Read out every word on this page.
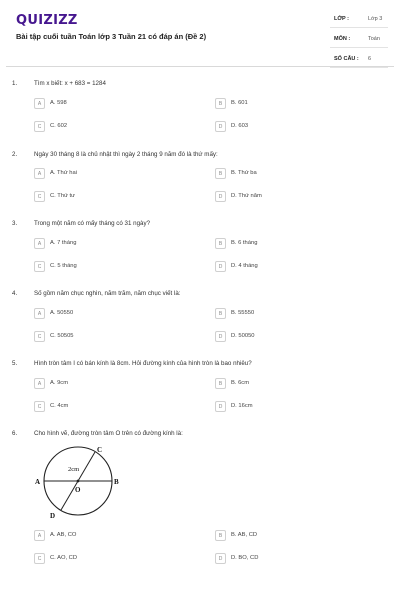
QUIZIZZ
Bài tập cuối tuần Toán lớp 3 Tuần 21 có đáp án (Đề 2)
LỚP :	Lớp 3
MÔN :	Toán
SỐ CÂU : 6
1.	Tìm x biết: x + 683 = 1284
A	A. 598	B	B. 601
C	C. 602	D	D. 603
2.	Ngày 30 tháng 8 là chủ nhật thì ngày 2 tháng 9 năm đó là thứ mấy:
A	A. Thứ hai	B	B. Thứ ba
C	C. Thứ tư	D	D. Thứ năm
3.	Trong một năm có mấy tháng có 31 ngày?
A	A. 7 tháng	B	B. 6 tháng
C	C. 5 tháng	D	D. 4 tháng
4.	Số gồm năm chục nghìn, năm trăm, năm chục viết là:
A	A. 50550	B	B. 55550
C	C. 50505	D	D. 50050
5.	Hình tròn tâm I có bán kính là 8cm. Hỏi đường kính của hình tròn là bao nhiêu?
A	A. 9cm	B	B. 6cm
C	C. 4cm	D	D. 16cm
6.	Cho hình vẽ, đường tròn tâm O trên có đường kính là:
C
A	B
O
D
2cm
A	A. AB, CO	B	B. AB, CD
C	C. AO, CD	D	D. BO, CD
